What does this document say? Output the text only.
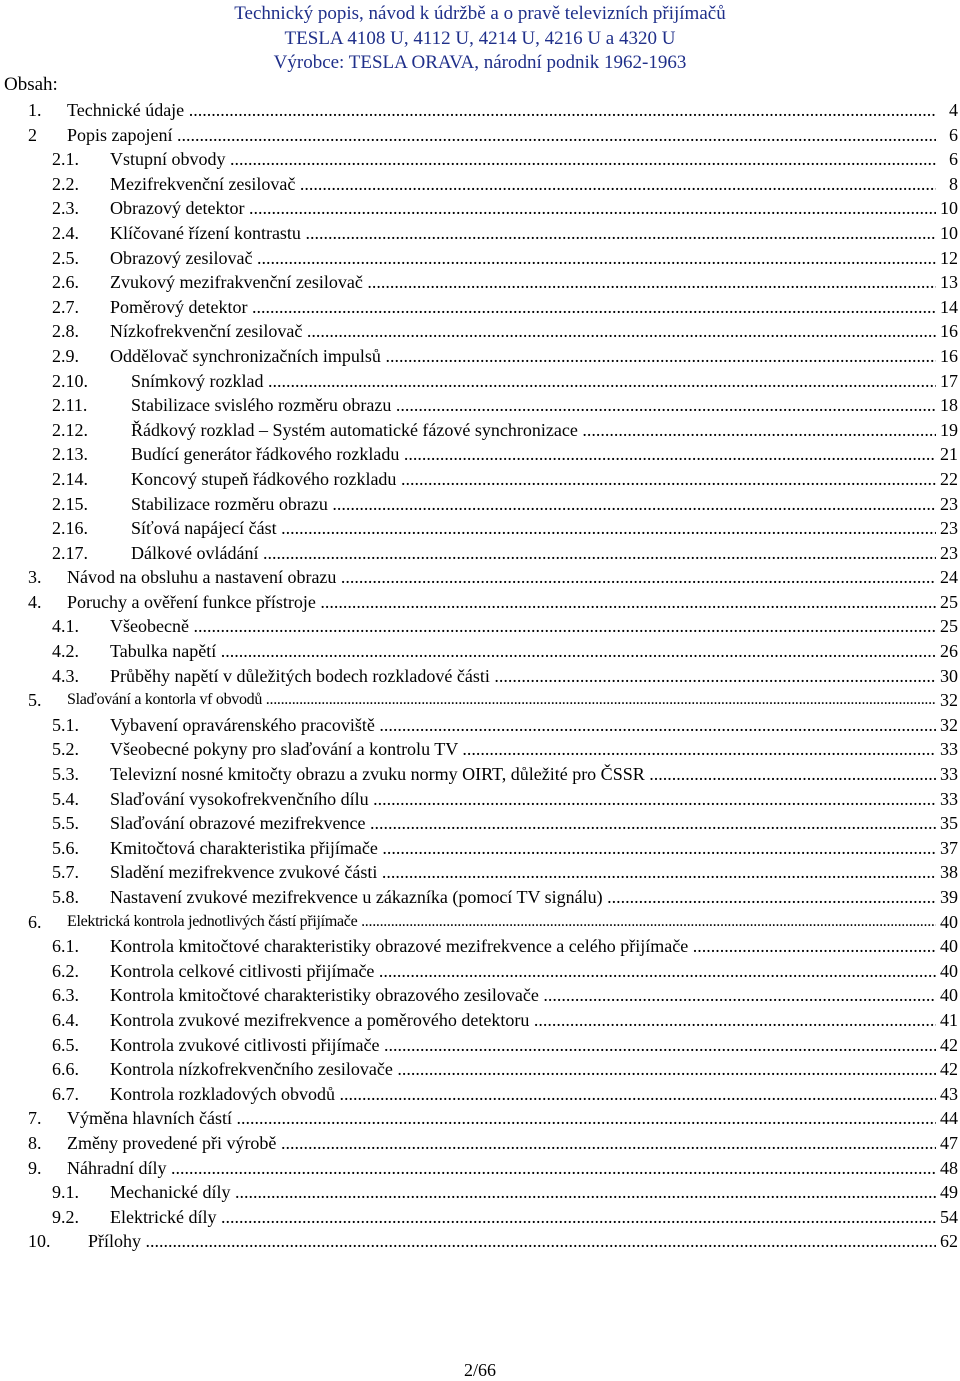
Technický popis, návod k údržbě a o pravě televizních přijímačů
TESLA 4108 U, 4112 U, 4214 U, 4216 U a 4320 U
Výrobce: TESLA ORAVA, národní podnik 1962-1963
Obsah:
1. Technické údaje .....	4
2 Popis zapojení .....	6
2.1. Vstupní obvody .....	6
2.2. Mezifrekvenční zesilovač .....	8
2.3. Obrazový detektor .....	10
2.4. Klíčované řízení kontrastu .....	10
2.5. Obrazový zesilovač .....	12
2.6. Zvukový mezifrakvenční zesilovač .....	13
2.7. Poměrový detektor .....	14
2.8. Nízkofrekvenční zesilovač .....	16
2.9. Oddělovač synchronizačních impulsů .....	16
2.10. Snímkový rozklad .....	17
2.11. Stabilizace svislého rozměru obrazu .....	18
2.12. Řádkový rozklad – Systém automatické fázové synchronizace .....	19
2.13. Budící generátor řádkového rozkladu .....	21
2.14. Koncový stupeň řádkového rozkladu .....	22
2.15. Stabilizace rozměru obrazu .....	23
2.16. Síťová napájecí část .....	23
2.17. Dálkové ovládání .....	23
3. Návod na obsluhu a nastavení obrazu .....	24
4. Poruchy a ověření funkce přístroje .....	25
4.1. Všeobecně .....	25
4.2. Tabulka napětí .....	26
4.3. Průběhy napětí v důležitých bodech rozkladové části .....	30
5. Slaďování a kontorla vf obvodů .....	32
5.1. Vybavení opravárenského pracoviště .....	32
5.2. Všeobecné pokyny pro slaďování a kontrolu TV .....	33
5.3. Televizní nosné kmitočty obrazu a zvuku normy OIRT, důležité pro ČSSR .....	33
5.4. Slaďování vysokofrekvenčního dílu .....	33
5.5. Slaďování obrazové mezifrekvence .....	35
5.6. Kmitočtová charakteristika přijímače .....	37
5.7. Sladění mezifrekvence zvukové části .....	38
5.8. Nastavení zvukové mezifrekvence u zákazníka (pomocí TV signálu) .....	39
6. Elektrická kontrola jednotlivých částí přijímače .....	40
6.1. Kontrola kmitočtové charakteristiky obrazové mezifrekvence a celého přijímače .....	40
6.2. Kontrola celkové citlivosti přijímače .....	40
6.3. Kontrola kmitočtové charakteristiky obrazového zesilovače .....	40
6.4. Kontrola zvukové mezifrekvence a poměrového detektoru .....	41
6.5. Kontrola zvukové citlivosti přijímače .....	42
6.6. Kontrola nízkofrekvenčního zesilovače .....	42
6.7. Kontrola rozkladových obvodů .....	43
7. Výměna hlavních částí .....	44
8. Změny provedené při výrobě .....	47
9. Náhradní díly .....	48
9.1. Mechanické díly .....	49
9.2. Elektrické díly .....	54
10. Přílohy .....	62
2/66
